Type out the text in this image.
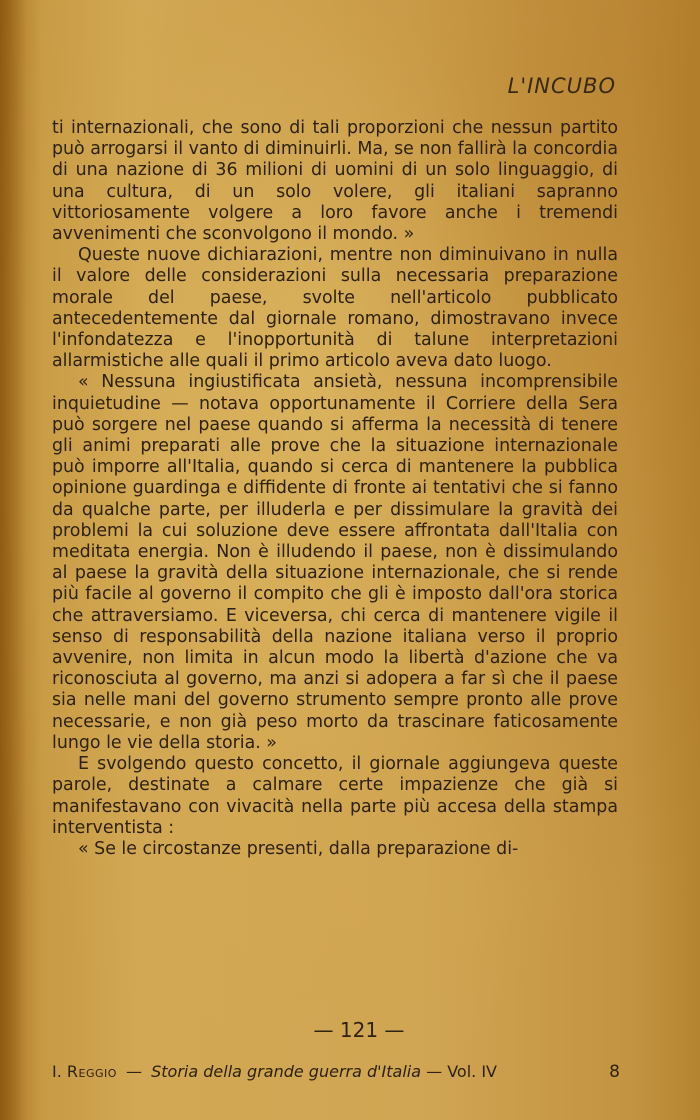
L'INCUBO

ti internazionali, che sono di tali proporzioni che nessun partito può arrogarsi il vanto di diminuirli. Ma, se non fallirà la concordia di una nazione di 36 milioni di uomini di un solo linguaggio, di una cultura, di un solo volere, gli italiani sapranno vittoriosamente volgere a loro favore anche i tremendi avvenimenti che sconvolgono il mondo. »

Queste nuove dichiarazioni, mentre non diminuivano in nulla il valore delle considerazioni sulla necessaria preparazione morale del paese, svolte nell'articolo pubblicato antecedentemente dal giornale romano, dimostravano invece l'infondatezza e l'inopportunità di talune interpretazioni allarmistiche alle quali il primo articolo aveva dato luogo.

« Nessuna ingiustificata ansietà, nessuna incomprensibile inquietudine — notava opportunamente il Corriere della Sera può sorgere nel paese quando si afferma la necessità di tenere gli animi preparati alle prove che la situazione internazionale può imporre all'Italia, quando si cerca di mantenere la pubblica opinione guardinga e diffidente di fronte ai tentativi che si fanno da qualche parte, per illuderla e per dissimulare la gravità dei problemi la cui soluzione deve essere affrontata dall'Italia con meditata energia. Non è illudendo il paese, non è dissimulando al paese la gravità della situazione internazionale, che si rende più facile al governo il compito che gli è imposto dall'ora storica che attraversiamo. E viceversa, chi cerca di mantenere vigile il senso di responsabilità della nazione italiana verso il proprio avvenire, non limita in alcun modo la libertà d'azione che va riconosciuta al governo, ma anzi si adopera a far sì che il paese sia nelle mani del governo strumento sempre pronto alle prove necessarie, e non già peso morto da trascinare faticosamente lungo le vie della storia. »

E svolgendo questo concetto, il giornale aggiungeva queste parole, destinate a calmare certe impazienze che già si manifestavano con vivacità nella parte più accesa della stampa interventista :

« Se le circostanze presenti, dalla preparazione di-

— 121 —
I. Reggio — Storia della grande guerra d'Italia — Vol. IV	8
